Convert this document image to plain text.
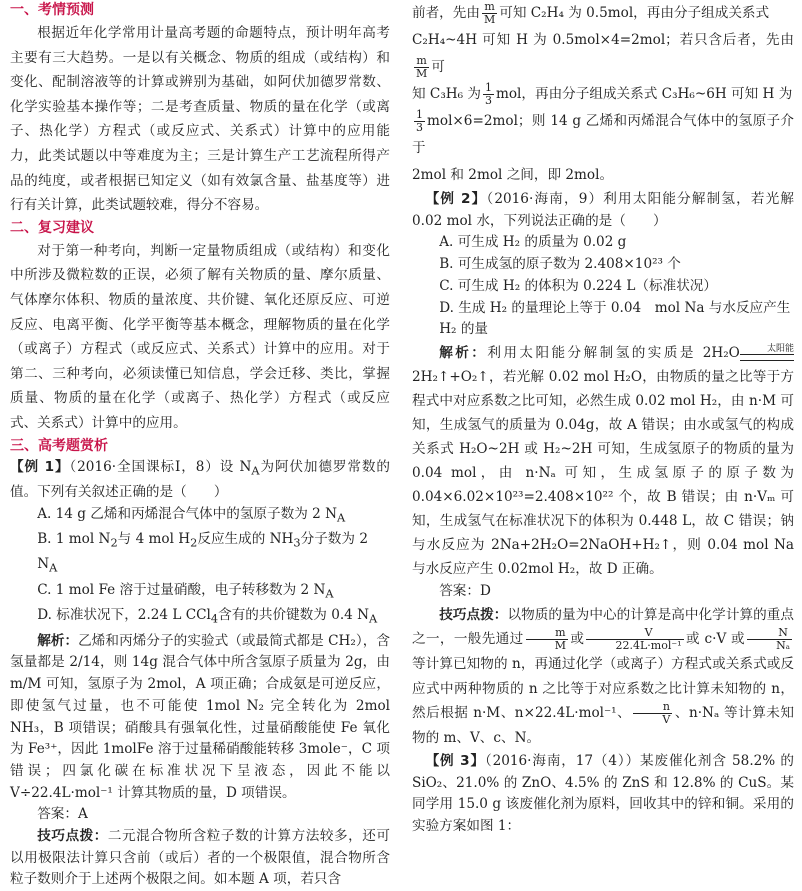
一、考情预测

根据近年化学常用计量高考题的命题特点，预计明年高考主要有三大趋势。一是以有关概念、物质的组成（或结构）和变化、配制溶液等的计算或辨别为基础，如阿伏加德罗常数、化学实验基本操作等；二是考查质量、物质的量在化学（或离子、热化学）方程式（或反应式、关系式）计算中的应用能力，此类试题以中等难度为主；三是计算生产工艺流程所得产品的纯度，或者根据已知定义（如有效氯含量、盐基度等）进行有关计算，此类试题较难，得分不容易。

二、复习建议

对于第一种考向，判断一定量物质组成（或结构）和变化中所涉及微粒数的正误，必须了解有关物质的量、摩尔质量、气体摩尔体积、物质的量浓度、共价键、氧化还原反应、可逆反应、电离平衡、化学平衡等基本概念，理解物质的量在化学（或离子）方程式（或反应式、关系式）计算中的应用。对于第二、三种考向，必须读懂已知信息，学会迁移、类比，掌握质量、物质的量在化学（或离子、热化学）方程式（或反应式、关系式）计算中的应用。

三、高考题赏析

【例 1】（2016·全国课标Ⅰ，8）设 $N_A$为阿伏加德罗常数的值。下列有关叙述正确的是（　　）

A. 14 g 乙烯和丙烯混合气体中的氢原子数为 2 $N_A$

B. 1 mol $N_2$与 4 mol $H_2$反应生成的 $NH_3$分子数为 2 $N_A$

C. 1 mol Fe 溶于过量硝酸，电子转移数为 2 $N_A$

D. 标准状况下，2.24 L CCl$_4$含有的共价键数为 0.4 $N_A$

解析：乙烯和丙烯分子的实验式（或最简式都是 CH₂），含氢量都是 2/14，则 14g 混合气体中所含氢原子质量为 2g，由 m/M 可知，氢原子为 2mol，A 项正确；合成氨是可逆反应，即使氢气过量，也不可能使 1mol N₂ 完全转化为 2mol NH₃，B 项错误；硝酸具有强氧化性，过量硝酸能使 Fe 氧化为 Fe³⁺，因此 1molFe 溶于过量稀硝酸能转移 3mole⁻，C 项错误；四氯化碳在标准状况下呈液态，因此不能以 V÷22.4L·mol⁻¹ 计算其物质的量，D 项错误。

答案：A

技巧点拨：二元混合物所含粒子数的计算方法较多，还可以用极限法计算只含前（或后）者的一个极限值，混合物所含粒子数则介于上述两个极限之间。如本题 A 项，若只含

前者，先由 $\frac{m}{M}$ 可知 C₂H₄ 为 0.5mol，再由分子组成关系式

C₂H₄~4H 可知 H 为 0.5mol×4=2mol；若只含后者，先由
$\frac{m}{M}$ 可

知 C₃H₆ 为 $\frac{1}{3}$ mol，再由分子组成关系式 C₃H₆~6H 可知 H 为

$\frac{1}{3} mol\times 6=2mol$；则 14 g 乙烯和丙烯混合气体中的氢原子介于

2mol 和 2mol 之间，即 2mol。

【例 2】（2016·海南，9）利用太阳能分解制氢，若光解 0.02 mol 水，下列说法正确的是（　　）

A. 可生成 H₂ 的质量为 0.02 g

B. 可生成氢的原子数为 2.408×10²³ 个

C. 可生成 H₂ 的体积为 0.224 L（标准状况）

D. 生成 H₂ 的量理论上等于 0.04　mol Na 与水反应产生 H₂ 的量

解析：利用太阳能分解制氢的实质是 2H₂O	太阳能
2H₂↑+O₂↑，若光解 0.02 mol H₂O，由物质的量之比等于方程式中对应系数之比可知，必然生成 0.02 mol H₂，由 n·M 可知，生成氢气的质量为 0.04g，故 A 错误；由水或氢气的构成关系式 H₂O~2H 或 H₂~2H 可知，生成氢原子的物质的量为 0.04 mol，由 n·Nₐ 可知，生成氢原子的原子数为 0.04×6.02×10²³=2.408×10²² 个，故 B 错误；由 n·Vₘ 可知，生成氢气在标准状况下的体积为 0.448 L，故 C 错误；钠与水反应为 2Na+2H₂O=2NaOH+H₂↑，则 0.04 mol Na 与水反应产生 0.02mol H₂，故 D 正确。

答案：D

技巧点拨：以物质的量为中心的计算是高中化学计算的重点之一，一般先通过 $\frac{m}{M}$ 或 $\frac{V}{\text{22.4L·mol⁻¹}}$ 或 c·V 或 $\frac{N}{\text{Nₐ}}$
等计算已知物的 n，再通过化学（或离子）方程式或关系式或反应式中两种物质的 n 之比等于对应系数之比计算未知物的 n，然后根据 n·M、n×22.4L·mol⁻¹、 $\frac{n}{V}$ 、n·Nₐ 等计算未知物的 m、V、c、N。

【例 3】（2016·海南，17（4））某废催化剂含 58.2% 的 SiO₂、21.0% 的 ZnO、4.5% 的 ZnS 和 12.8% 的 CuS。某同学用 15.0 g 该废催化剂为原料，回收其中的锌和铜。采用的实验方案如图 1：
